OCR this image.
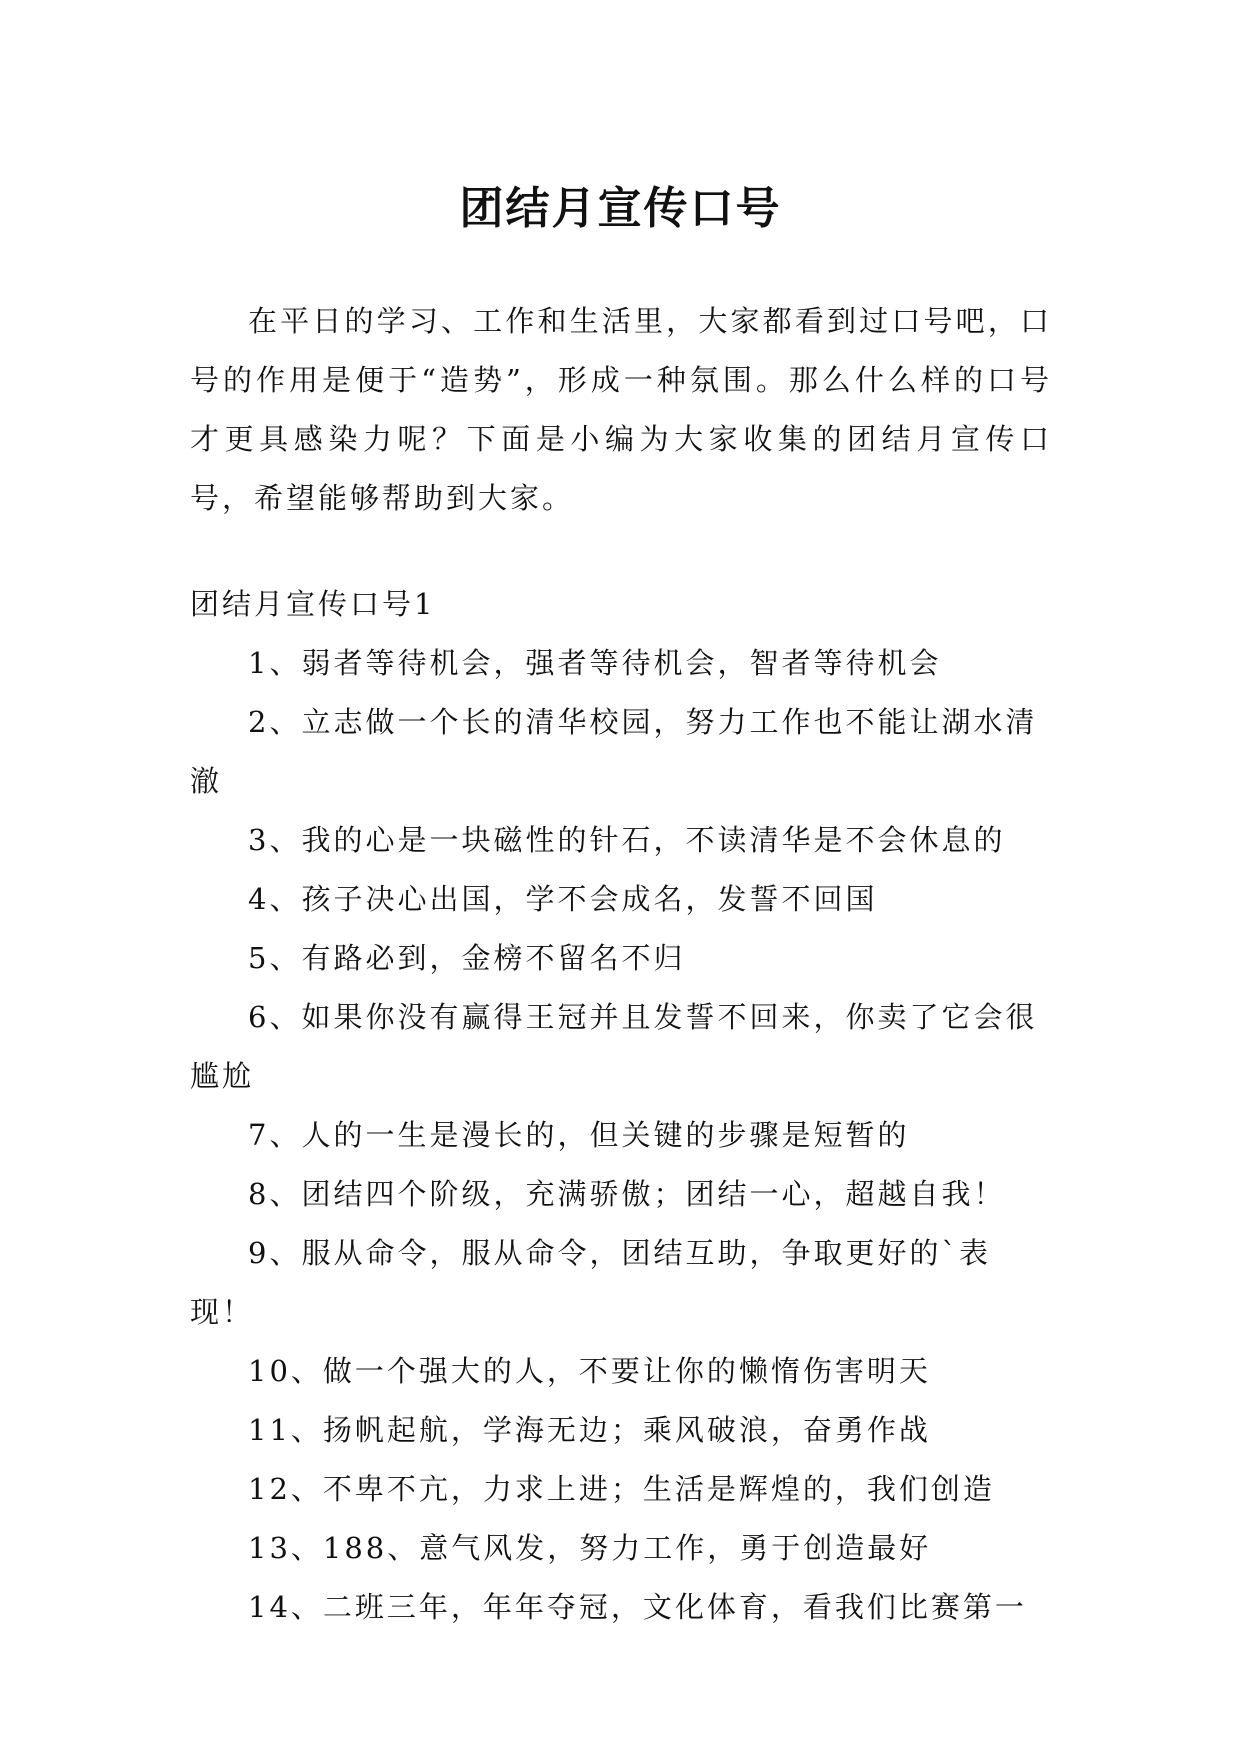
团结月宣传口号

在平日的学习、工作和生活里，大家都看到过口号吧，口号的作用是便于“造势”，形成一种氛围。那么什么样的口号才更具感染力呢？下面是小编为大家收集的团结月宣传口号，希望能够帮助到大家。

团结月宣传口号1

1、弱者等待机会，强者等待机会，智者等待机会
2、立志做一个长的清华校园，努力工作也不能让湖水清澈
3、我的心是一块磁性的针石，不读清华是不会休息的
4、孩子决心出国，学不会成名，发誓不回国
5、有路必到，金榜不留名不归
6、如果你没有赢得王冠并且发誓不回来，你卖了它会很尴尬
7、人的一生是漫长的，但关键的步骤是短暂的
8、团结四个阶级，充满骄傲；团结一心，超越自我！
9、服从命令，服从命令，团结互助，争取更好的`表现！
10、做一个强大的人，不要让你的懒惰伤害明天
11、扬帆起航，学海无边；乘风破浪，奋勇作战
12、不卑不亢，力求上进；生活是辉煌的，我们创造
13、188、意气风发，努力工作，勇于创造最好
14、二班三年，年年夺冠，文化体育，看我们比赛第一
